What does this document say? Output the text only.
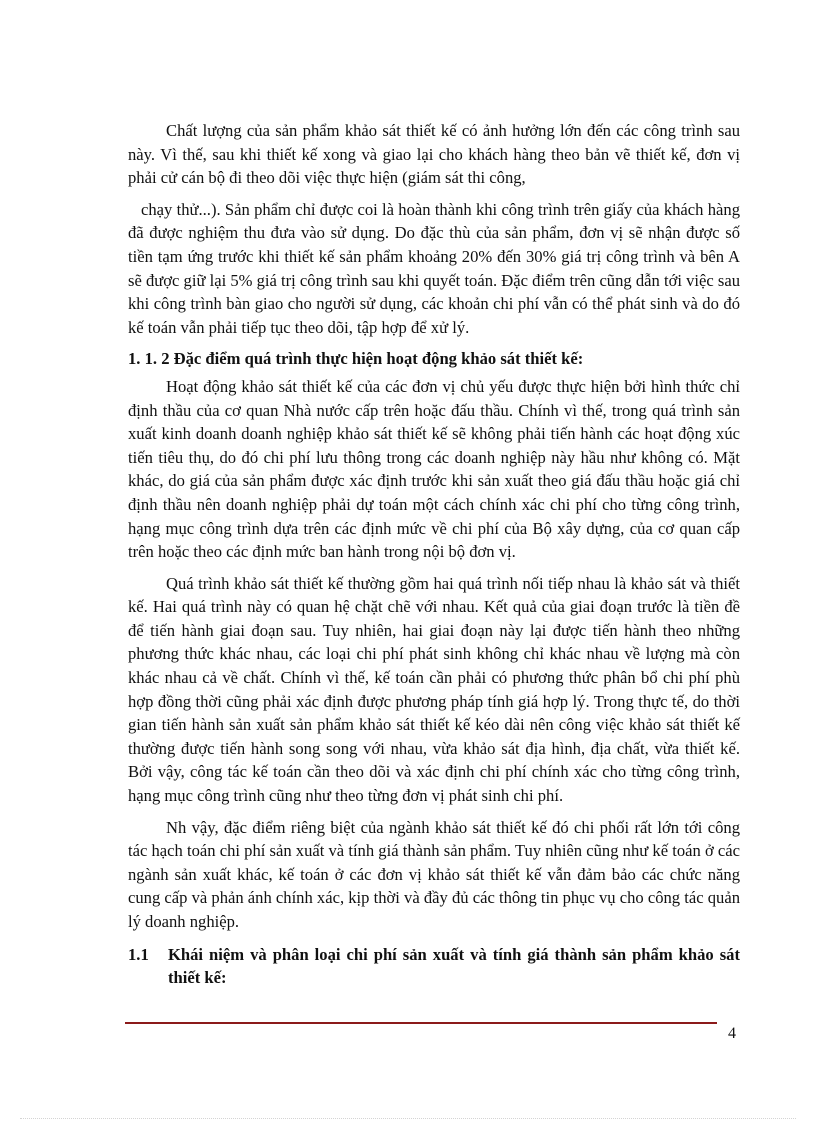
Chất lượng của sản phẩm khảo sát thiết kế có ảnh hưởng lớn đến các công trình sau này. Vì thế, sau khi thiết kế xong và giao lại cho khách hàng theo bản vẽ thiết kế, đơn vị phải cử cán bộ đi theo dõi việc thực hiện (giám sát thi công,

chạy thử...). Sản phẩm chỉ được coi là hoàn thành khi công trình trên giấy của khách hàng đã được nghiệm thu đưa vào sử dụng. Do đặc thù của sản phẩm, đơn vị sẽ nhận được số tiền tạm ứng trước khi thiết kế sản phẩm khoảng 20% đến 30% giá trị công trình và bên A sẽ được giữ lại 5% giá trị công trình sau khi quyết toán. Đặc điểm trên cũng dẫn tới việc sau khi công trình bàn giao cho người sử dụng, các khoản chi phí vẫn có thể phát sinh và do đó kế toán vẫn phải tiếp tục theo dõi, tập hợp để xử lý.

1. 1. 2 Đặc điểm quá trình thực hiện hoạt động khảo sát thiết kế:

Hoạt động khảo sát thiết kế của các đơn vị chủ yếu được thực hiện bởi hình thức chỉ định thầu của cơ quan Nhà nước cấp trên hoặc đấu thầu. Chính vì thế, trong quá trình sản xuất kinh doanh doanh nghiệp khảo sát thiết kế sẽ không phải tiến hành các hoạt động xúc tiến tiêu thụ, do đó chi phí lưu thông trong các doanh nghiệp này hầu như không có. Mặt khác, do giá của sản phẩm được xác định trước khi sản xuất theo giá đấu thầu hoặc giá chỉ định thầu nên doanh nghiệp phải dự toán một cách chính xác chi phí cho từng công trình, hạng mục công trình dựa trên các định mức về chi phí của Bộ xây dựng, của cơ quan cấp trên hoặc theo các định mức ban hành trong nội bộ đơn vị.

Quá trình khảo sát thiết kế thường gồm hai quá trình nối tiếp nhau là khảo sát và thiết kế. Hai quá trình này có quan hệ chặt chẽ với nhau. Kết quả của giai đoạn trước là tiền đề để tiến hành giai đoạn sau. Tuy nhiên, hai giai đoạn này lại được tiến hành theo những phương thức khác nhau, các loại chi phí phát sinh không chỉ khác nhau về lượng mà còn khác nhau cả về chất. Chính vì thế, kế toán cần phải có phương thức phân bổ chi phí phù hợp đồng thời cũng phải xác định được phương pháp tính giá hợp lý. Trong thực tế, do thời gian tiến hành sản xuất sản phẩm khảo sát thiết kế kéo dài nên công việc khảo sát thiết kế thường được tiến hành song song với nhau, vừa khảo sát địa hình, địa chất, vừa thiết kế. Bởi vậy, công tác kế toán cần theo dõi và xác định chi phí chính xác cho từng công trình, hạng mục công trình cũng như theo từng đơn vị phát sinh chi phí.

Nh vậy, đặc điểm riêng biệt của ngành khảo sát thiết kế đó chi phối rất lớn tới công tác hạch toán chi phí sản xuất và tính giá thành sản phẩm. Tuy nhiên cũng như kế toán ở các ngành sản xuất khác, kế toán ở các đơn vị khảo sát thiết kế vẫn đảm bảo các chức năng cung cấp và phản ánh chính xác, kịp thời và đầy đủ các thông tin phục vụ cho công tác quản lý doanh nghiệp.

1.1	Khái niệm và phân loại chi phí sản xuất và tính giá thành sản phẩm khảo sát thiết kế:
4
